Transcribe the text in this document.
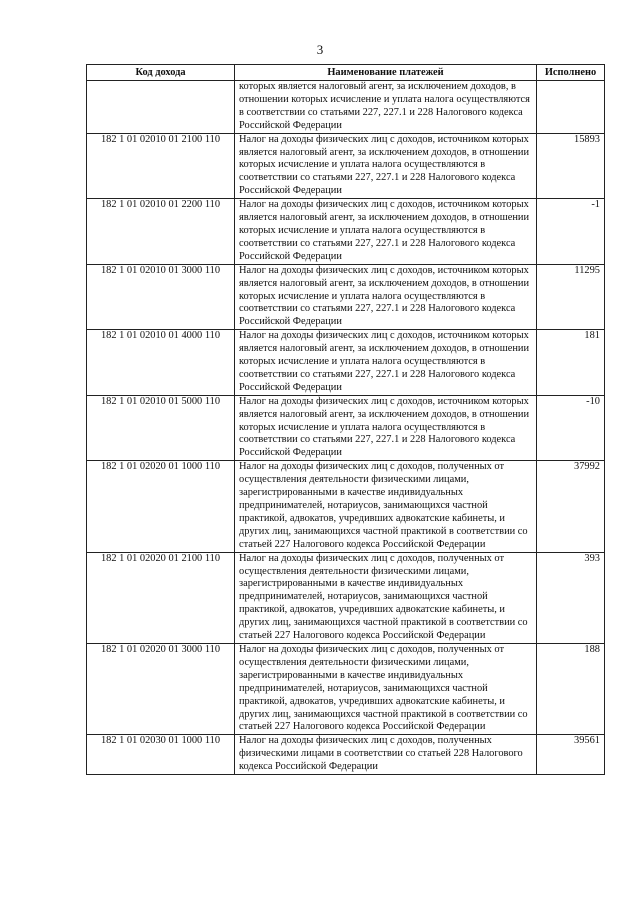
3
Код дохода	Наименование платежей	Исполнено
	которых является налоговый агент, за исключением доходов, в отношении которых исчисление и уплата налога осуществляются в соответствии со статьями 227, 227.1 и 228 Налогового кодекса Российской Федерации	
182 1 01 02010 01 2100 110	Налог на доходы физических лиц с доходов, источником которых является налоговый агент, за исключением доходов, в отношении которых исчисление и уплата налога осуществляются в соответствии со статьями 227, 227.1 и 228 Налогового кодекса Российской Федерации	15893
182 1 01 02010 01 2200 110	Налог на доходы физических лиц с доходов, источником которых является налоговый агент, за исключением доходов, в отношении которых исчисление и уплата налога осуществляются в соответствии со статьями 227, 227.1 и 228 Налогового кодекса Российской Федерации	-1
182 1 01 02010 01 3000 110	Налог на доходы физических лиц с доходов, источником которых является налоговый агент, за исключением доходов, в отношении которых исчисление и уплата налога осуществляются в соответствии со статьями 227, 227.1 и 228 Налогового кодекса Российской Федерации	11295
182 1 01 02010 01 4000 110	Налог на доходы физических лиц с доходов, источником которых является налоговый агент, за исключением доходов, в отношении которых исчисление и уплата налога осуществляются в соответствии со статьями 227, 227.1 и 228 Налогового кодекса Российской Федерации	181
182 1 01 02010 01 5000 110	Налог на доходы физических лиц с доходов, источником которых является налоговый агент, за исключением доходов, в отношении которых исчисление и уплата налога осуществляются в соответствии со статьями 227, 227.1 и 228 Налогового кодекса Российской Федерации	-10
182 1 01 02020 01 1000 110	Налог на доходы физических лиц с доходов, полученных от осуществления деятельности физическими лицами, зарегистрированными в качестве индивидуальных предпринимателей, нотариусов, занимающихся частной практикой, адвокатов, учредивших адвокатские кабинеты, и других лиц, занимающихся частной практикой в соответствии со статьей 227 Налогового кодекса Российской Федерации	37992
182 1 01 02020 01 2100 110	Налог на доходы физических лиц с доходов, полученных от осуществления деятельности физическими лицами, зарегистрированными в качестве индивидуальных предпринимателей, нотариусов, занимающихся частной практикой, адвокатов, учредивших адвокатские кабинеты, и других лиц, занимающихся частной практикой в соответствии со статьей 227 Налогового кодекса Российской Федерации	393
182 1 01 02020 01 3000 110	Налог на доходы физических лиц с доходов, полученных от осуществления деятельности физическими лицами, зарегистрированными в качестве индивидуальных предпринимателей, нотариусов, занимающихся частной практикой, адвокатов, учредивших адвокатские кабинеты, и других лиц, занимающихся частной практикой в соответствии со статьей 227 Налогового кодекса Российской Федерации	188
182 1 01 02030 01 1000 110	Налог на доходы физических лиц с доходов, полученных физическими лицами в соответствии со статьей 228 Налогового кодекса Российской Федерации	39561
